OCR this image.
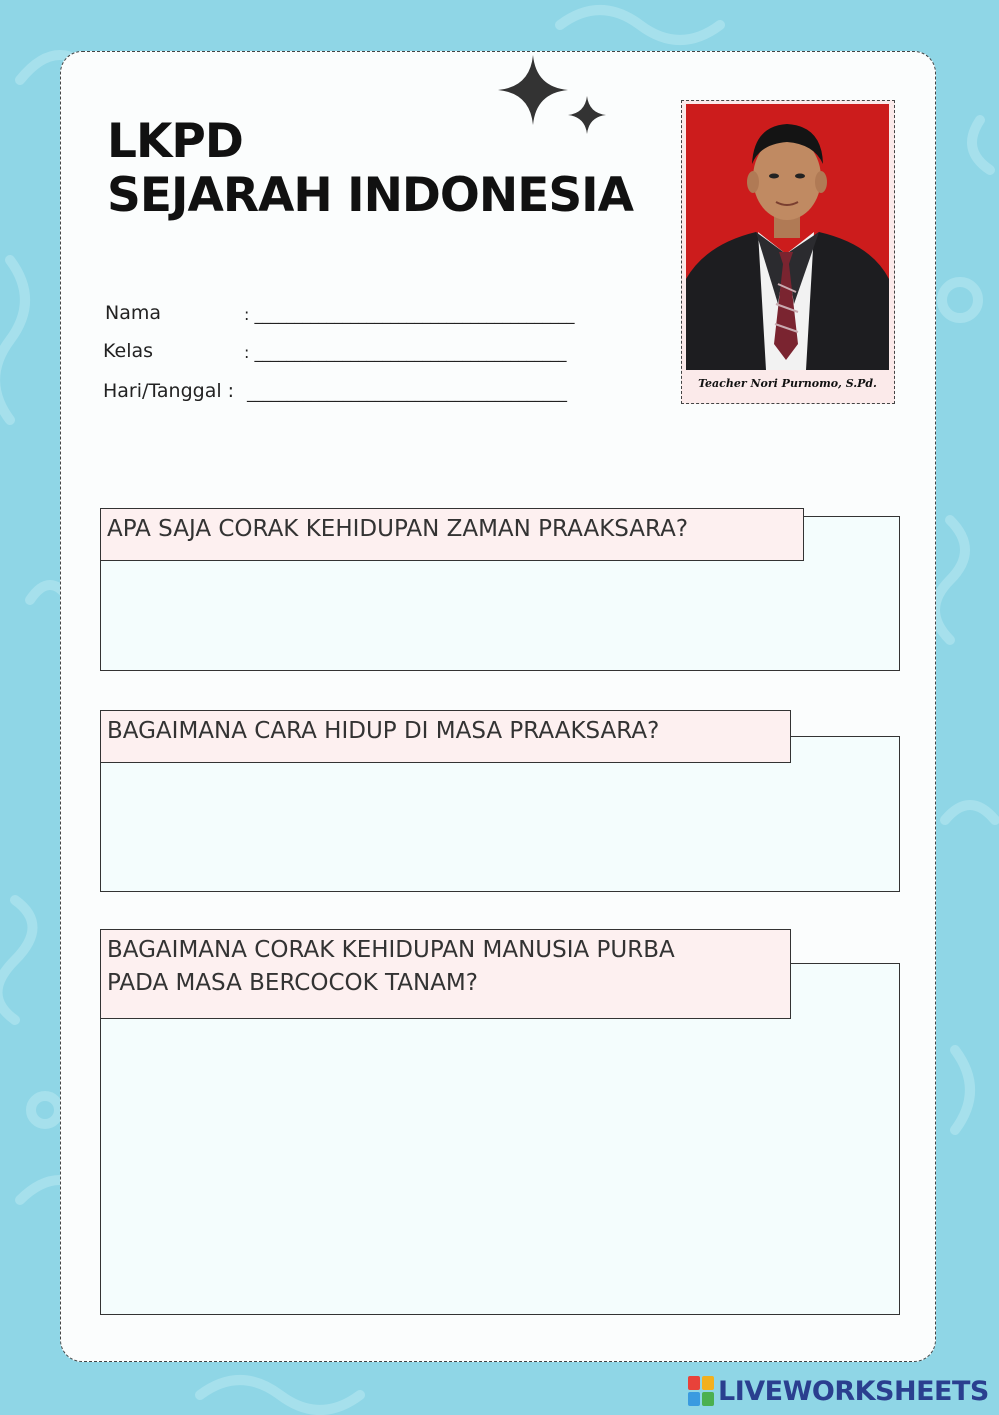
LKPD
SEJARAH INDONESIA
Nama	: ________________________________________
Kelas	: _______________________________________
Hari/Tanggal : ________________________________________	Teacher Nori Purnomo, S.Pd.
APA SAJA CORAK KEHIDUPAN ZAMAN PRAAKSARA?
BAGAIMANA CARA HIDUP DI MASA PRAAKSARA?
BAGAIMANA CORAK KEHIDUPAN MANUSIA PURBA
PADA MASA BERCOCOK TANAM?
LIVEWORKSHEETS
